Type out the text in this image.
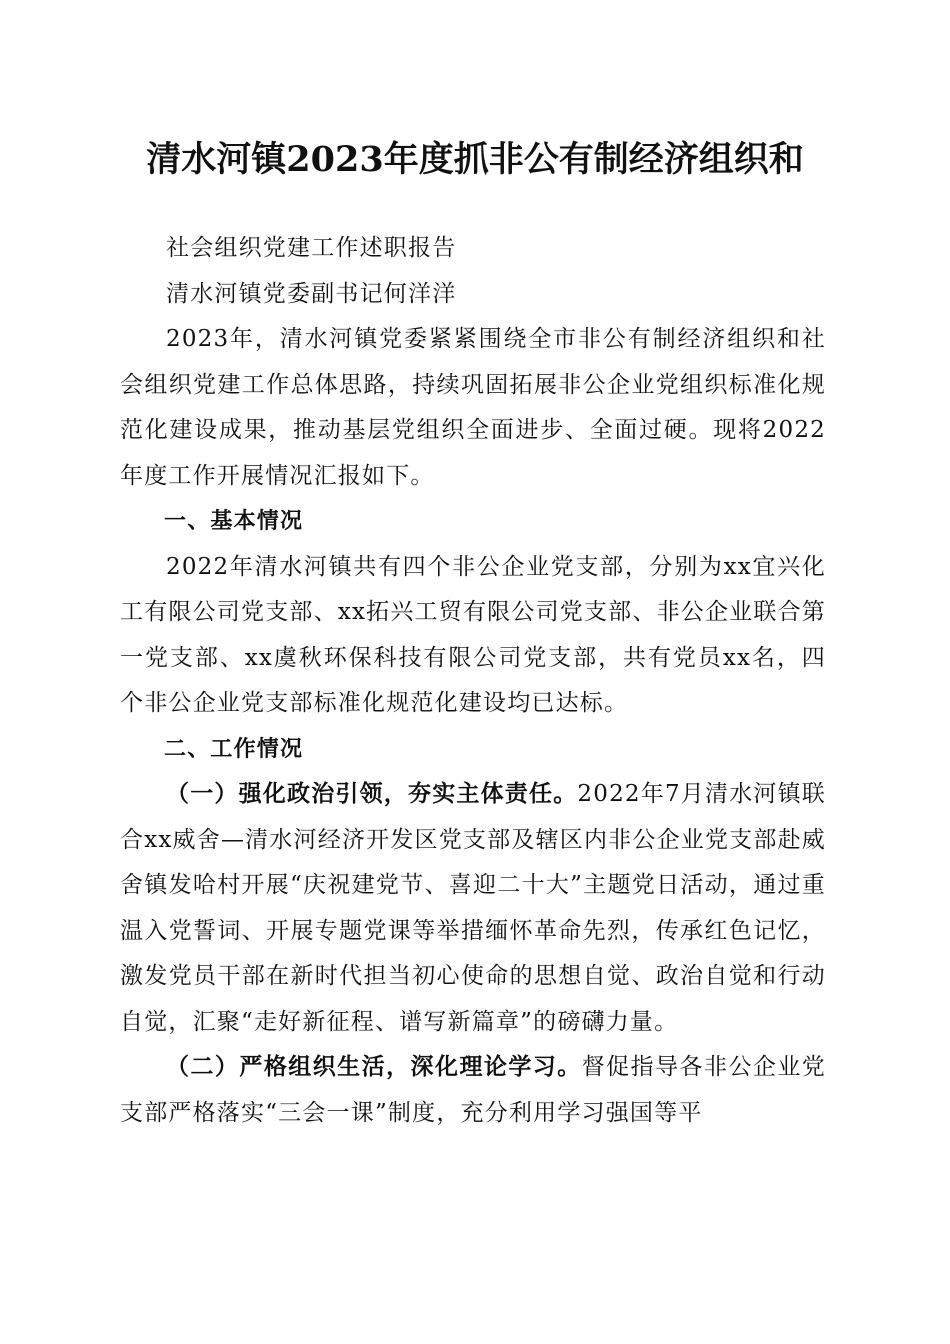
清水河镇2023年度抓非公有制经济组织和

社会组织党建工作述职报告

清水河镇党委副书记何洋洋

2023年，清水河镇党委紧紧围绕全市非公有制经济组织和社会组织党建工作总体思路，持续巩固拓展非公企业党组织标准化规范化建设成果，推动基层党组织全面进步、全面过硬。现将2022年度工作开展情况汇报如下。

一、基本情况

2022年清水河镇共有四个非公企业党支部，分别为xx宜兴化工有限公司党支部、xx拓兴工贸有限公司党支部、非公企业联合第一党支部、xx虞秋环保科技有限公司党支部，共有党员xx名，四个非公企业党支部标准化规范化建设均已达标。

二、工作情况

（一）强化政治引领，夯实主体责任。2022年7月清水河镇联合xx威舍—清水河经济开发区党支部及辖区内非公企业党支部赴威舍镇发哈村开展“庆祝建党节、喜迎二十大”主题党日活动，通过重温入党誓词、开展专题党课等举措缅怀革命先烈，传承红色记忆，激发党员干部在新时代担当初心使命的思想自觉、政治自觉和行动自觉，汇聚“走好新征程、谱写新篇章”的磅礴力量。

（二）严格组织生活，深化理论学习。督促指导各非公企业党支部严格落实“三会一课”制度，充分利用学习强国等平
